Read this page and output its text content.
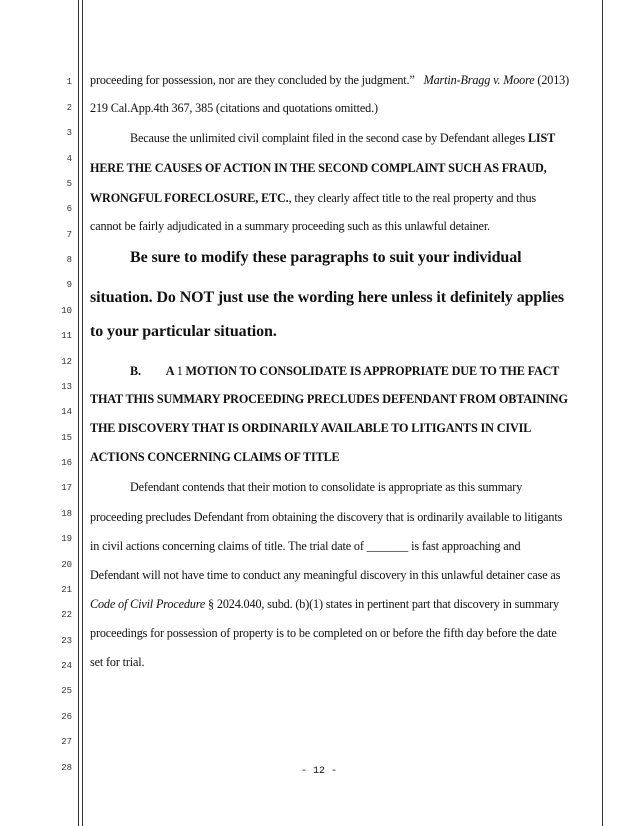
1
2
3
4
5
6
7
8
9
10
11
12
13
14
15
16
17
18
19
20
21
22
23
24
25
26
27
28
proceeding for possession, nor are they concluded by the judgment.” Martin-Bragg v. Moore (2013)
219 Cal.App.4th 367, 385 (citations and quotations omitted.)
Because the unlimited civil complaint filed in the second case by Defendant alleges LIST
HERE THE CAUSES OF ACTION IN THE SECOND COMPLAINT SUCH AS FRAUD,
WRONGFUL FORECLOSURE, ETC., they clearly affect title to the real property and thus
cannot be fairly adjudicated in a summary proceeding such as this unlawful detainer.
Be sure to modify these paragraphs to suit your individual
situation. Do NOT just use the wording here unless it definitely applies
to your particular situation.
B. A 1 MOTION TO CONSOLIDATE IS APPROPRIATE DUE TO THE FACT
THAT THIS SUMMARY PROCEEDING PRECLUDES DEFENDANT FROM OBTAINING
THE DISCOVERY THAT IS ORDINARILY AVAILABLE TO LITIGANTS IN CIVIL
ACTIONS CONCERNING CLAIMS OF TITLE
Defendant contends that their motion to consolidate is appropriate as this summary
proceeding precludes Defendant from obtaining the discovery that is ordinarily available to litigants
in civil actions concerning claims of title. The trial date of _______ is fast approaching and
Defendant will not have time to conduct any meaningful discovery in this unlawful detainer case as
Code of Civil Procedure § 2024.040, subd. (b)(1) states in pertinent part that discovery in summary
proceedings for possession of property is to be completed on or before the fifth day before the date
set for trial.
- 12 -
